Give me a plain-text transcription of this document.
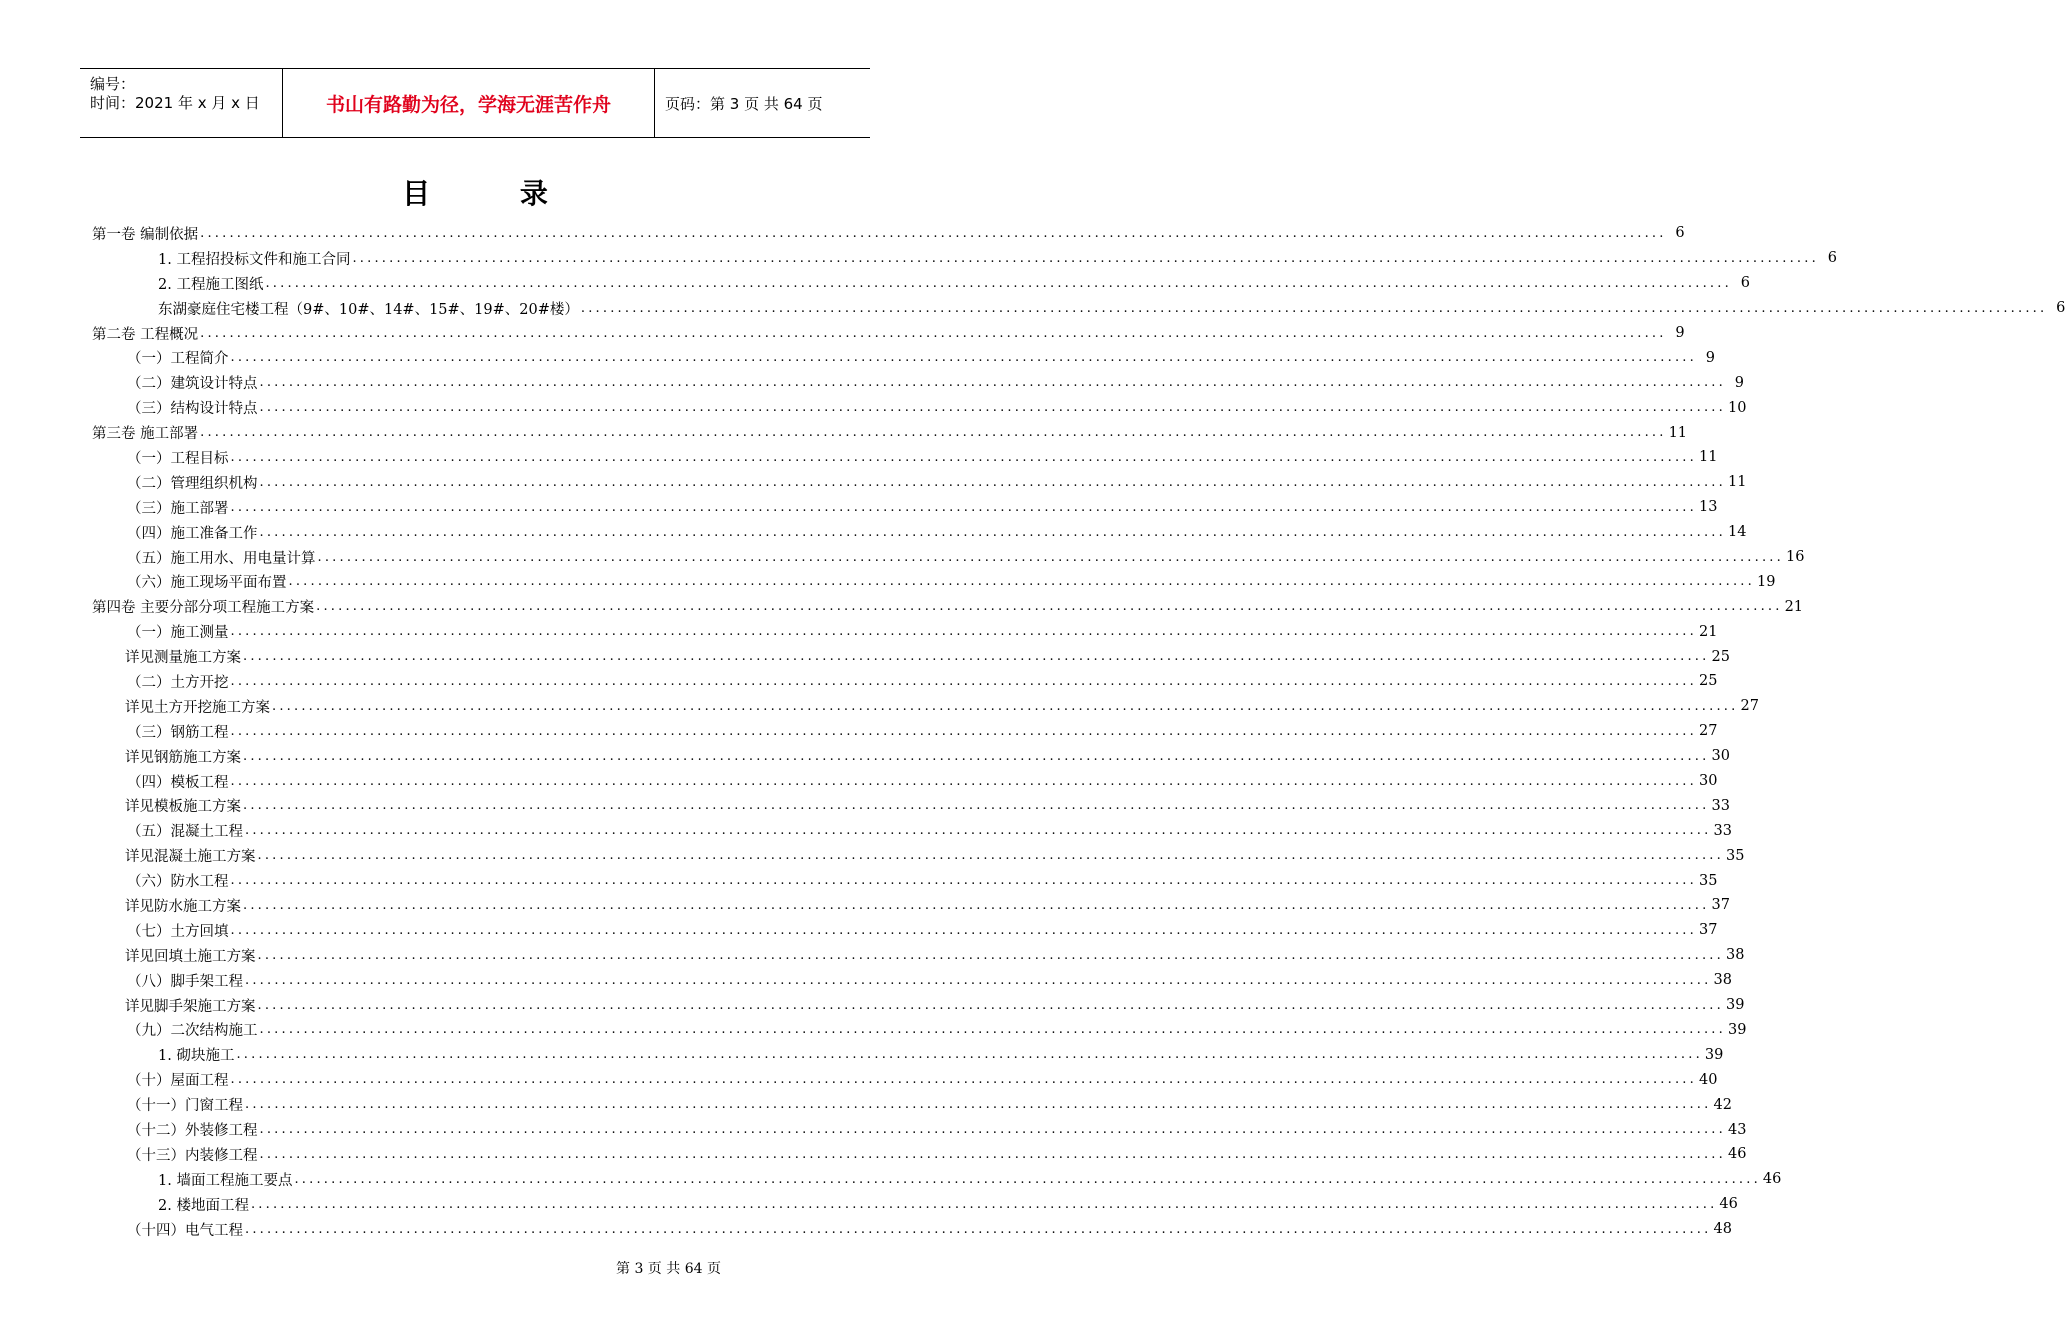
编号：
时间：2021 年 x 月 x 日	书山有路勤为径，学海无涯苦作舟	页码：第 3 页 共 64 页
目 录
第一卷 编制依据 ........................................................................................................................................................................................................ 6
1. 工程招投标文件和施工合同 ........................................................................................................................................................................................................ 6
2. 工程施工图纸 ........................................................................................................................................................................................................ 6
东湖豪庭住宅楼工程（9#、10#、14#、15#、19#、20#楼） ........................................................................................................................................................................................................ 6
第二卷 工程概况 ........................................................................................................................................................................................................ 9
（一）工程简介 ........................................................................................................................................................................................................ 9
（二）建筑设计特点 ........................................................................................................................................................................................................ 9
（三）结构设计特点 ........................................................................................................................................................................................................ 10
第三卷 施工部署 ........................................................................................................................................................................................................ 11
（一）工程目标 ........................................................................................................................................................................................................ 11
（二）管理组织机构 ........................................................................................................................................................................................................ 11
（三）施工部署 ........................................................................................................................................................................................................ 13
（四）施工准备工作 ........................................................................................................................................................................................................ 14
（五）施工用水、用电量计算 ........................................................................................................................................................................................................ 16
（六）施工现场平面布置 ........................................................................................................................................................................................................ 19
第四卷 主要分部分项工程施工方案 ........................................................................................................................................................................................................ 21
（一）施工测量 ........................................................................................................................................................................................................ 21
详见测量施工方案 ........................................................................................................................................................................................................ 25
（二）土方开挖 ........................................................................................................................................................................................................ 25
详见土方开挖施工方案 ........................................................................................................................................................................................................ 27
（三）钢筋工程 ........................................................................................................................................................................................................ 27
详见钢筋施工方案 ........................................................................................................................................................................................................ 30
（四）模板工程 ........................................................................................................................................................................................................ 30
详见模板施工方案 ........................................................................................................................................................................................................ 33
（五）混凝土工程 ........................................................................................................................................................................................................ 33
详见混凝土施工方案 ........................................................................................................................................................................................................ 35
（六）防水工程 ........................................................................................................................................................................................................ 35
详见防水施工方案 ........................................................................................................................................................................................................ 37
（七）土方回填 ........................................................................................................................................................................................................ 37
详见回填土施工方案 ........................................................................................................................................................................................................ 38
（八）脚手架工程 ........................................................................................................................................................................................................ 38
详见脚手架施工方案 ........................................................................................................................................................................................................ 39
（九）二次结构施工 ........................................................................................................................................................................................................ 39
1. 砌块施工 ........................................................................................................................................................................................................ 39
（十）屋面工程 ........................................................................................................................................................................................................ 40
（十一）门窗工程 ........................................................................................................................................................................................................ 42
（十二）外装修工程 ........................................................................................................................................................................................................ 43
（十三）内装修工程 ........................................................................................................................................................................................................ 46
1. 墙面工程施工要点 ........................................................................................................................................................................................................ 46
2. 楼地面工程 ........................................................................................................................................................................................................ 46
（十四）电气工程 ........................................................................................................................................................................................................ 48
第 3 页 共 64 页
